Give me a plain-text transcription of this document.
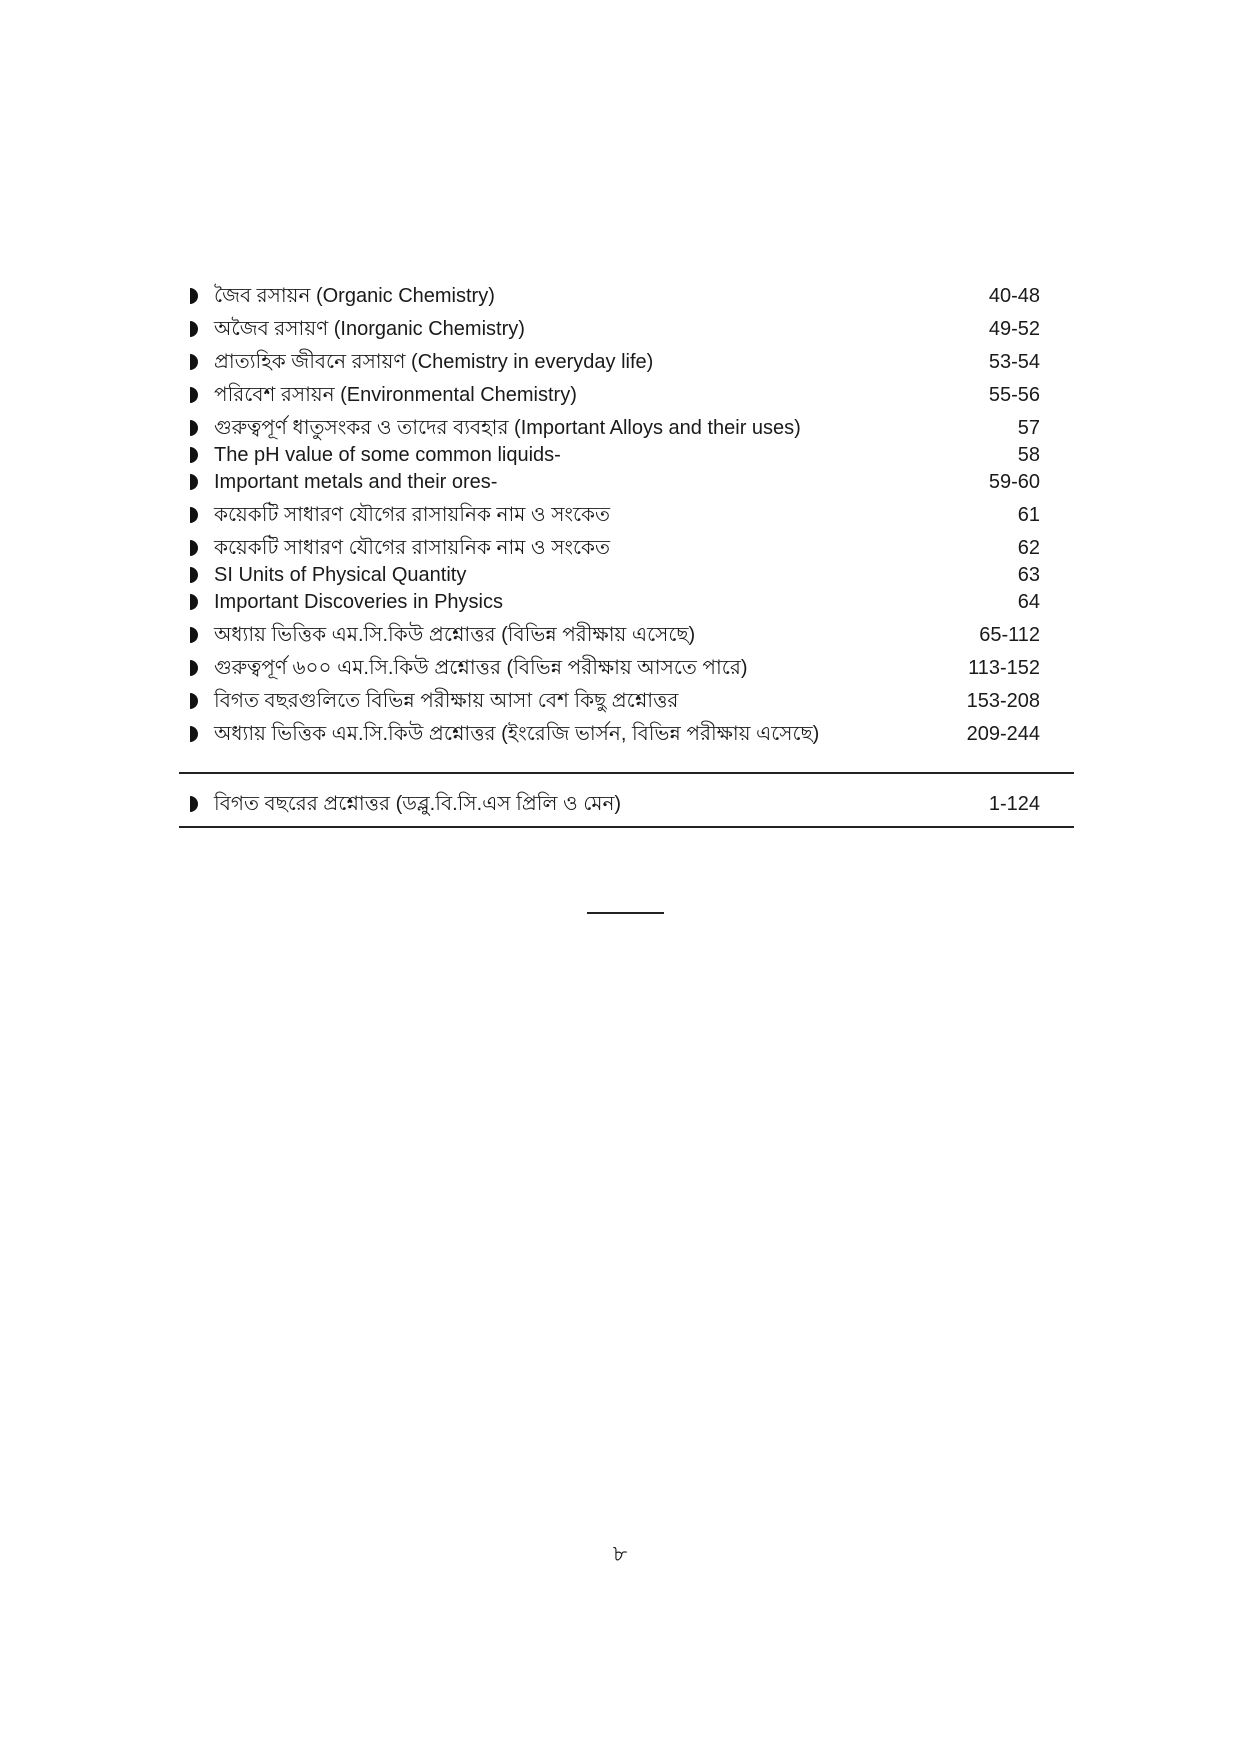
জৈব রসায়ন (Organic Chemistry)	40-48
অজৈব রসায়ণ (Inorganic Chemistry)	49-52
প্রাত্যহিক জীবনে রসায়ণ (Chemistry in everyday life)	53-54
পরিবেশ রসায়ন (Environmental Chemistry)	55-56
গুরুত্বপূর্ণ ধাতুসংকর ও তাদের ব্যবহার (Important Alloys and their uses)	57
The pH value of some common liquids-	58
Important metals and their ores-	59-60
কয়েকটি সাধারণ যৌগের রাসায়নিক নাম ও সংকেত	61
কয়েকটি সাধারণ যৌগের রাসায়নিক নাম ও সংকেত	62
SI Units of Physical Quantity	63
Important Discoveries in Physics	64
অধ্যায় ভিত্তিক এম.সি.কিউ প্রশ্নোত্তর (বিভিন্ন পরীক্ষায় এসেছে)	65-112
গুরুত্বপূর্ণ ৬০০ এম.সি.কিউ প্রশ্নোত্তর (বিভিন্ন পরীক্ষায় আসতে পারে)	113-152
বিগত বছরগুলিতে বিভিন্ন পরীক্ষায় আসা বেশ কিছু প্রশ্নোত্তর	153-208
অধ্যায় ভিত্তিক এম.সি.কিউ প্রশ্নোত্তর (ইংরেজি ভার্সন, বিভিন্ন পরীক্ষায় এসেছে)	209-244
বিগত বছরের প্রশ্নোত্তর (ডব্লু.বি.সি.এস প্রিলি ও মেন)	1-124
৮
